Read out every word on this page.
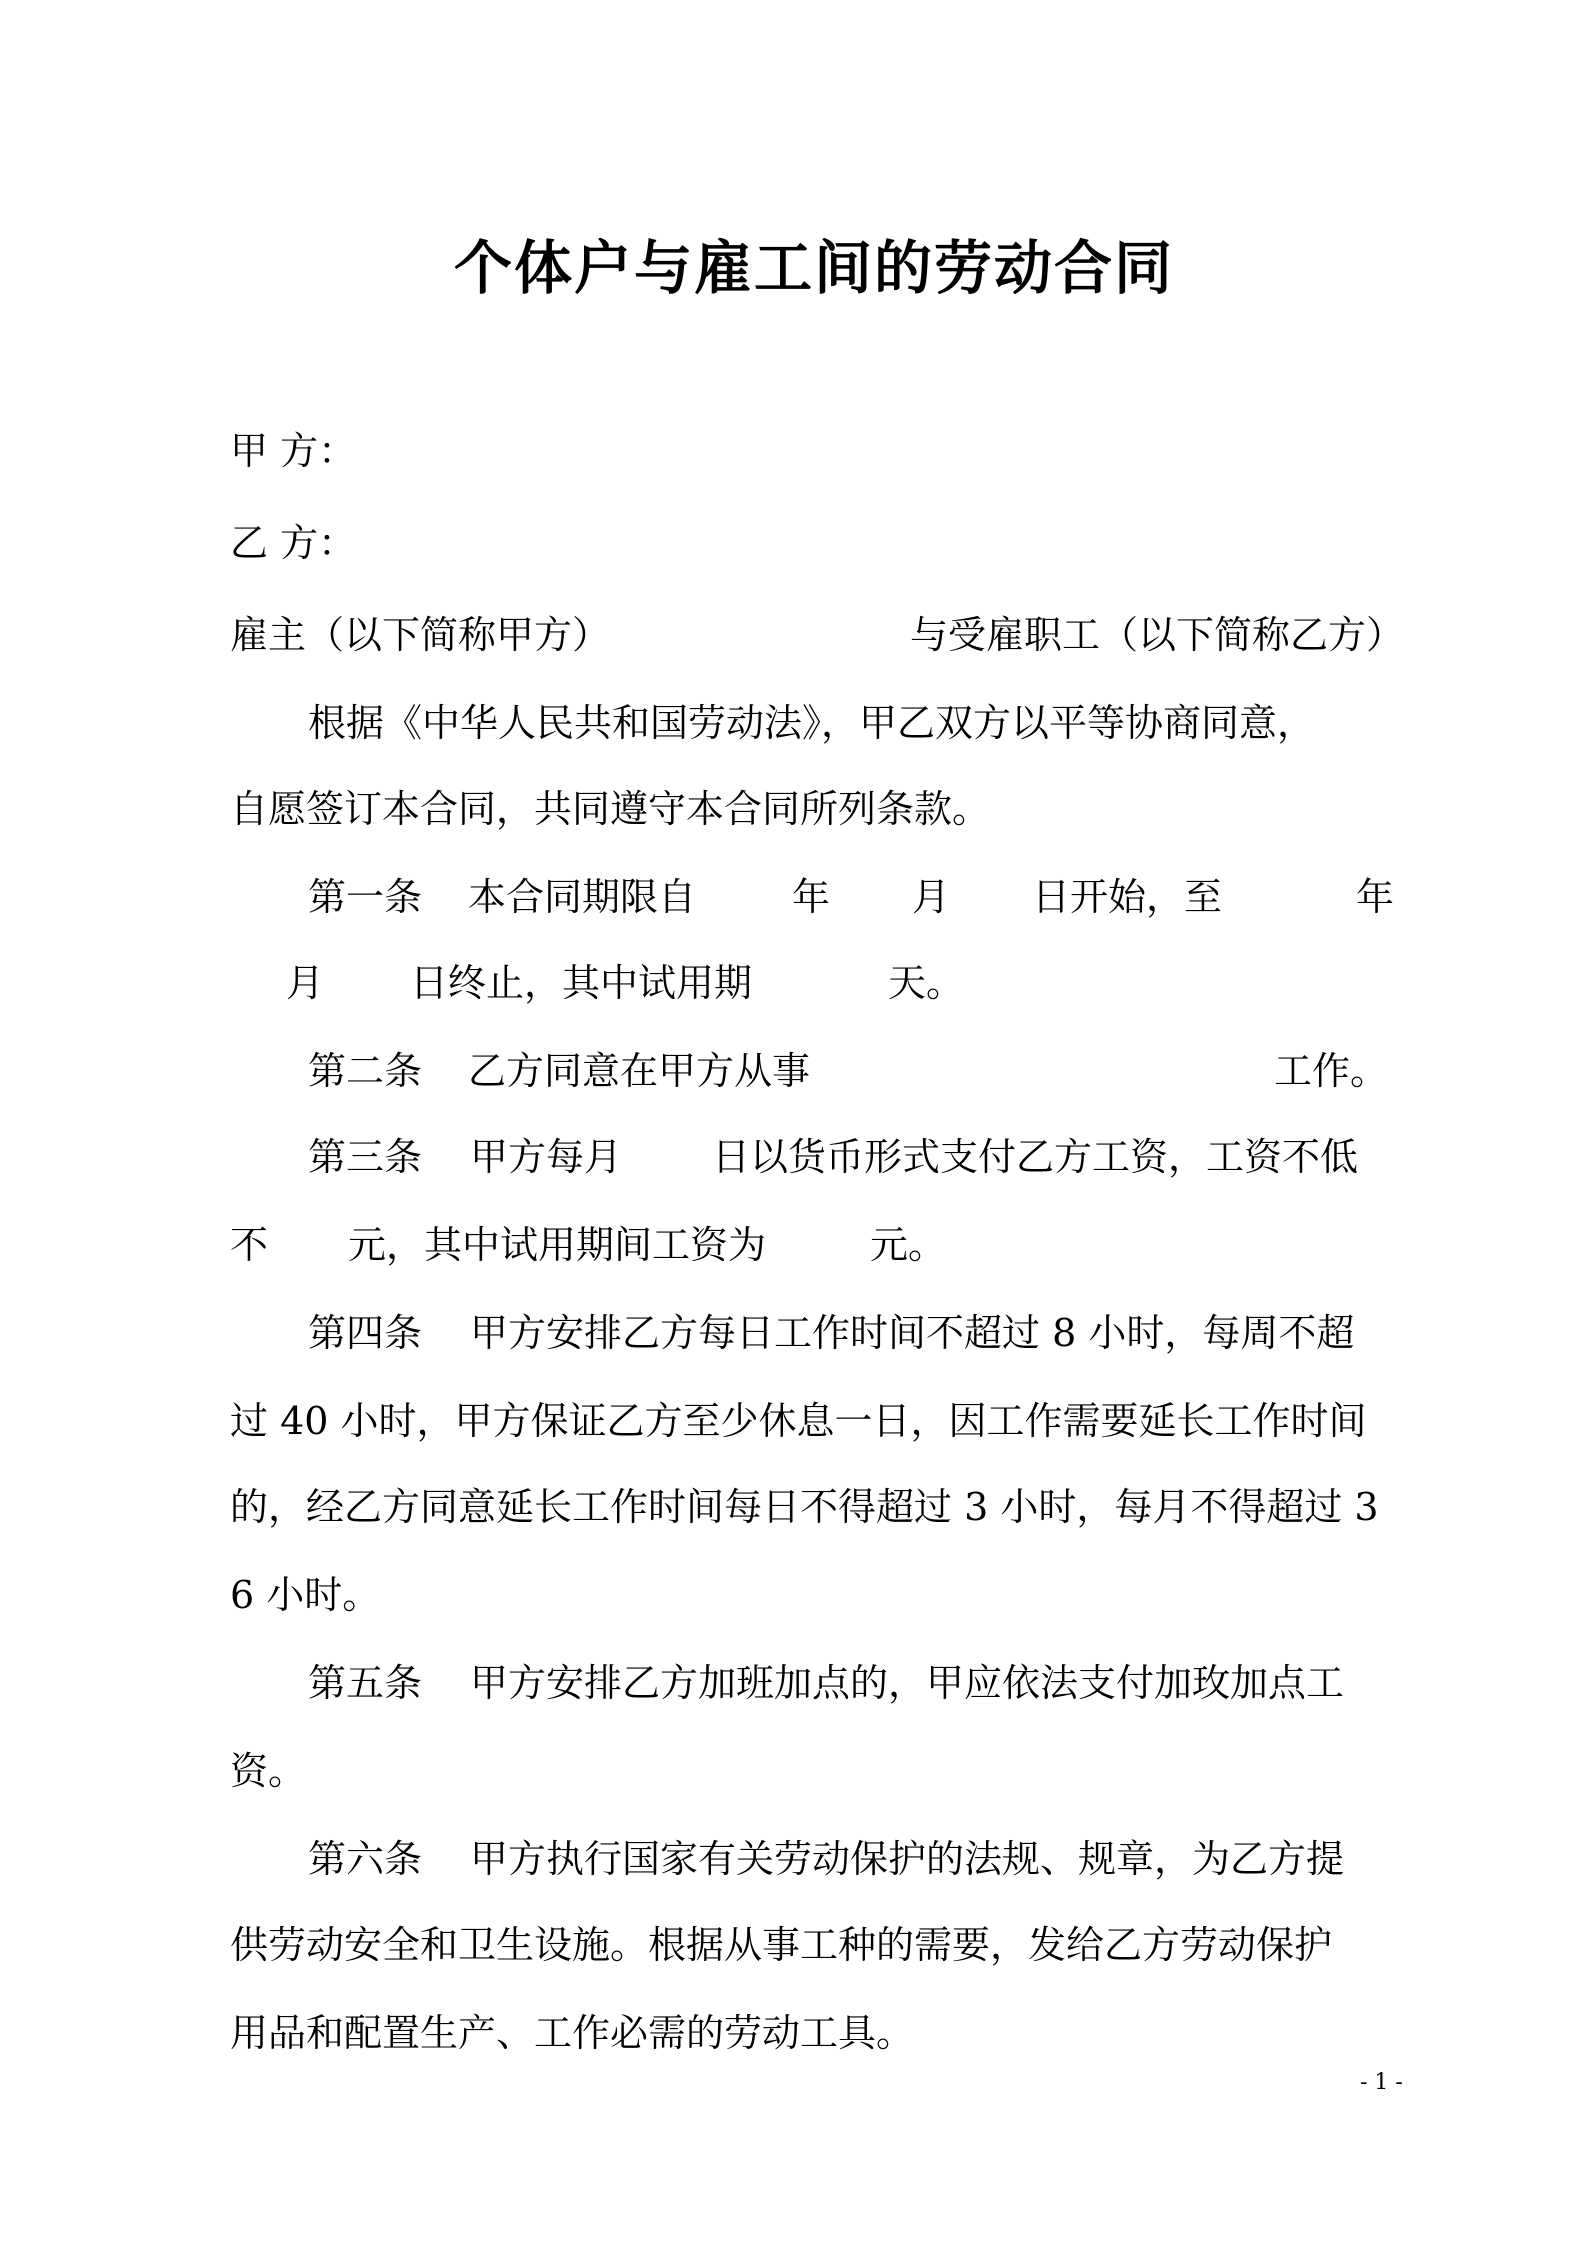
个体户与雇工间的劳动合同
甲 方：
乙 方：
雇主（以下简称甲方）	与受雇职工（以下简称乙方）
根据《中华人民共和国劳动法》，甲乙双方以平等协商同意，
自愿签订本合同，共同遵守本合同所列条款。
第一条 本合同期限自	年 月 日开始，至	年
月 日终止，其中试用期	天。
第二条 乙方同意在甲方从事	工作。
第三条 甲方每月 日以货币形式支付乙方工资，工资不低
不 元，其中试用期间工资为	元。
第四条 甲方安排乙方每日工作时间不超过 8 小时，每周不超
过 40 小时，甲方保证乙方至少休息一日，因工作需要延长工作时间
的，经乙方同意延长工作时间每日不得超过 3 小时，每月不得超过 3
6 小时。
第五条 甲方安排乙方加班加点的，甲应依法支付加玫加点工
资。
第六条 甲方执行国家有关劳动保护的法规、规章，为乙方提
供劳动安全和卫生设施。根据从事工种的需要，发给乙方劳动保护
用品和配置生产、工作必需的劳动工具。
- 1 -
